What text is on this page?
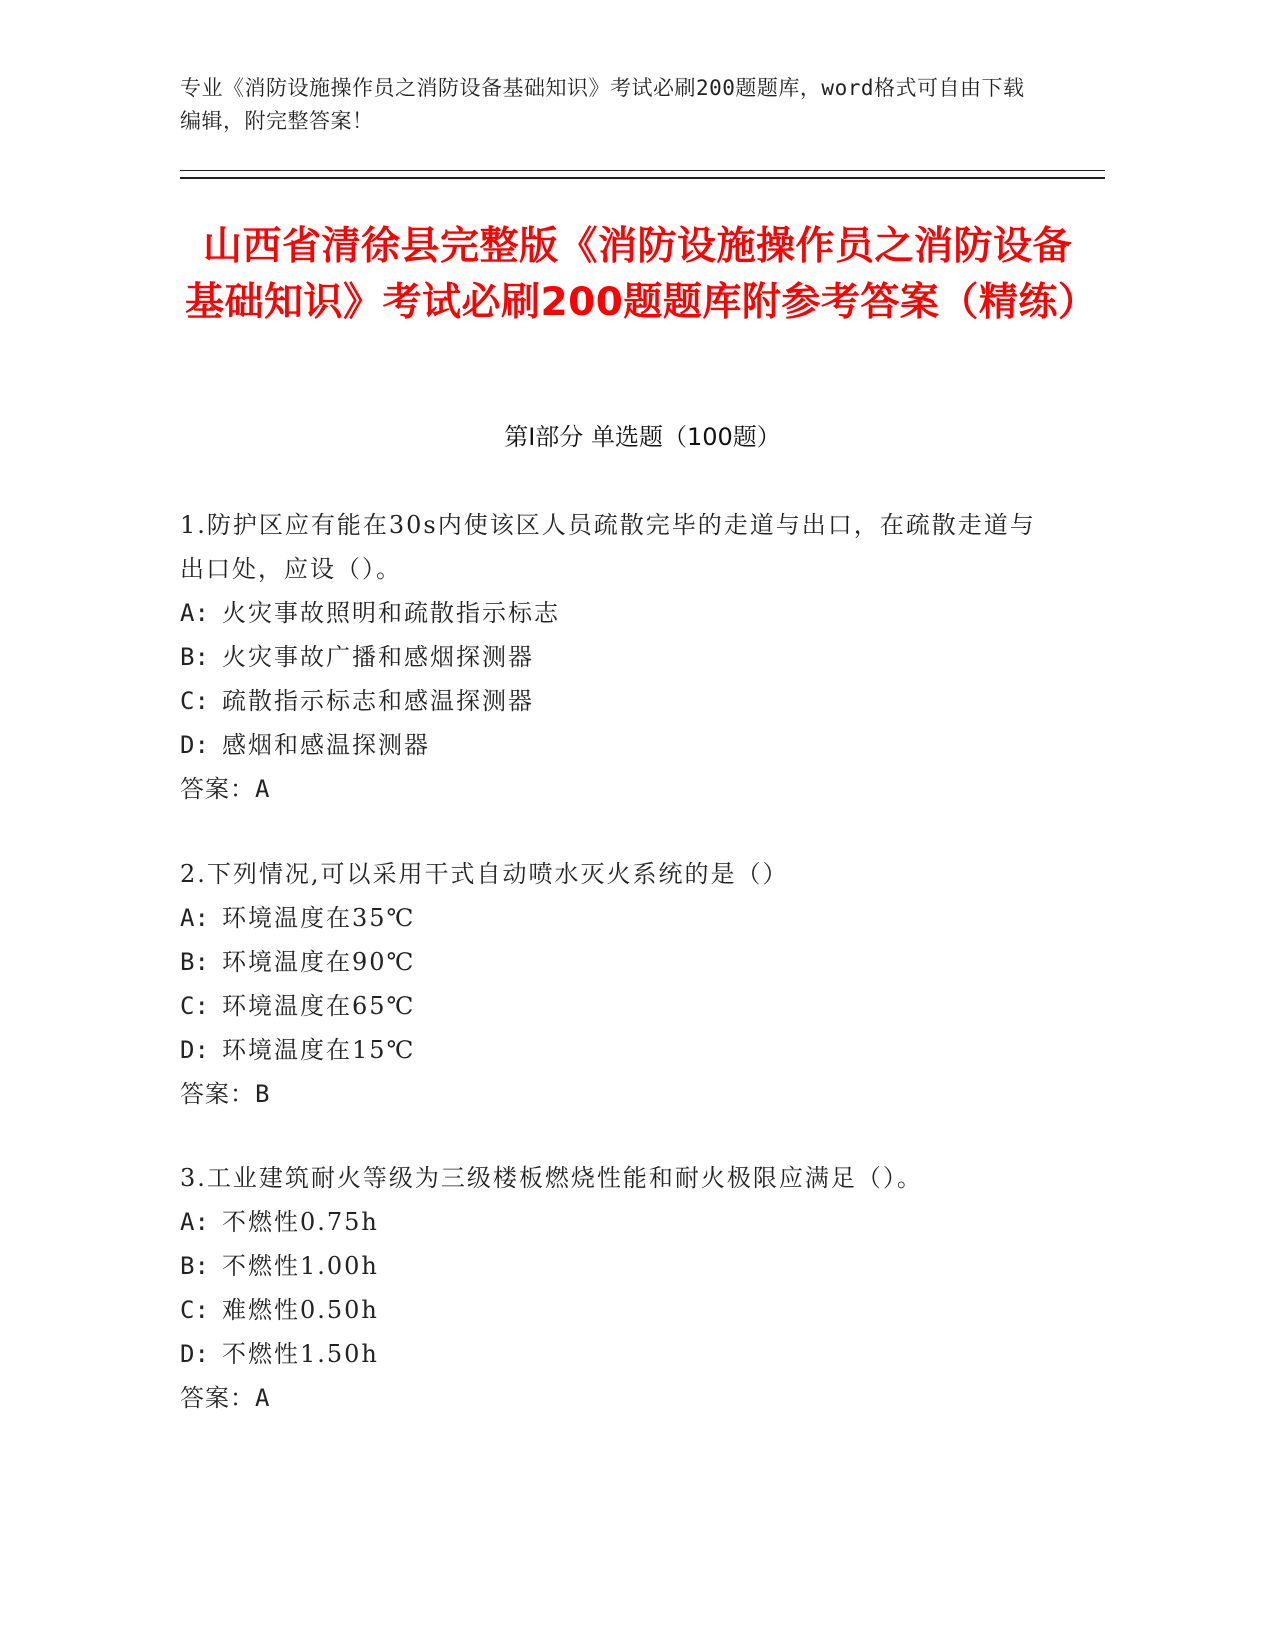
专业《消防设施操作员之消防设备基础知识》考试必刷200题题库，word格式可自由下载编辑，附完整答案！
山西省清徐县完整版《消防设施操作员之消防设备基础知识》考试必刷200题题库附参考答案（精练）
第I部分 单选题（100题）
1.防护区应有能在30s内使该区人员疏散完毕的走道与出口，在疏散走道与出口处，应设（）。
A: 火灾事故照明和疏散指示标志
B: 火灾事故广播和感烟探测器
C: 疏散指示标志和感温探测器
D: 感烟和感温探测器
答案：A
2.下列情况,可以采用干式自动喷水灭火系统的是（）
A: 环境温度在35℃
B: 环境温度在90℃
C: 环境温度在65℃
D: 环境温度在15℃
答案：B
3.工业建筑耐火等级为三级楼板燃烧性能和耐火极限应满足（）。
A: 不燃性0.75h
B: 不燃性1.00h
C: 难燃性0.50h
D: 不燃性1.50h
答案：A
